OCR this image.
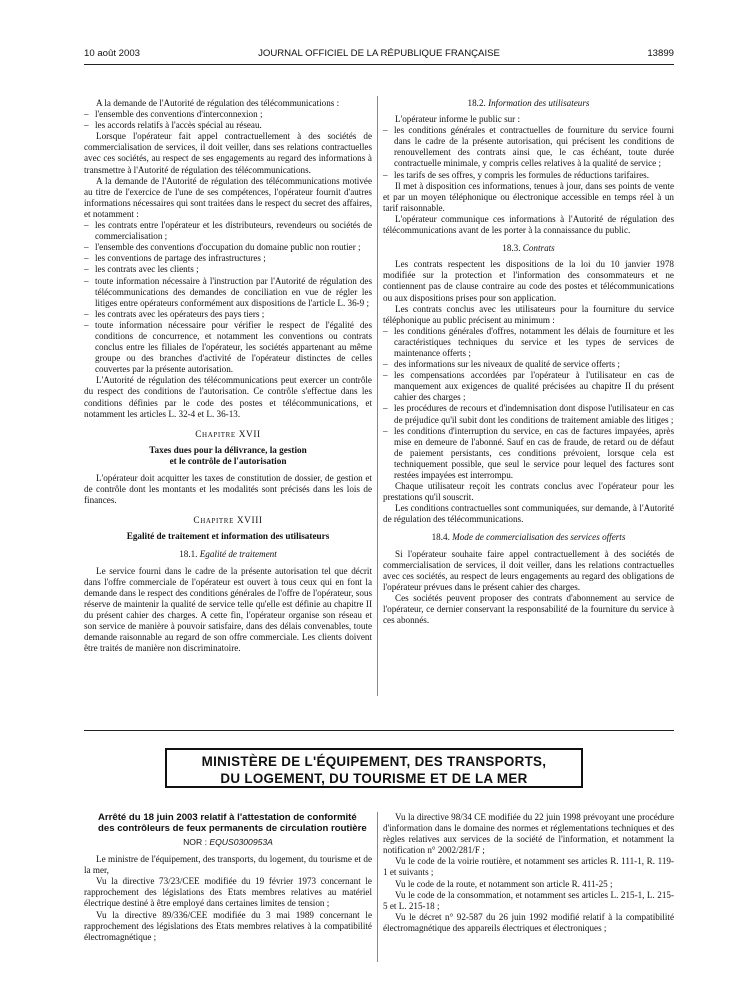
10 août 2003	JOURNAL OFFICIEL DE LA RÉPUBLIQUE FRANÇAISE	13899

A la demande de l'Autorité de régulation des télécommunications :

– l'ensemble des conventions d'interconnexion ;
– les accords relatifs à l'accès spécial au réseau.

Lorsque l'opérateur fait appel contractuellement à des sociétés de commercialisation de services, il doit veiller, dans ses relations contractuelles avec ces sociétés, au respect de ses engagements au regard des informations à transmettre à l'Autorité de régulation des télécommunications.

A la demande de l'Autorité de régulation des télécommunications motivée au titre de l'exercice de l'une de ses compétences, l'opérateur fournit d'autres informations nécessaires qui sont traitées dans le respect du secret des affaires, et notamment :

– les contrats entre l'opérateur et les distributeurs, revendeurs ou sociétés de commercialisation ;
– l'ensemble des conventions d'occupation du domaine public non routier ;
– les conventions de partage des infrastructures ;
– les contrats avec les clients ;
– toute information nécessaire à l'instruction par l'Autorité de régulation des télécommunications des demandes de conciliation en vue de régler les litiges entre opérateurs conformément aux dispositions de l'article L. 36-9 ;
– les contrats avec les opérateurs des pays tiers ;
– toute information nécessaire pour vérifier le respect de l'égalité des conditions de concurrence, et notamment les conventions ou contrats conclus entre les filiales de l'opérateur, les sociétés appartenant au même groupe ou des branches d'activité de l'opérateur distinctes de celles couvertes par la présente autorisation.

L'Autorité de régulation des télécommunications peut exercer un contrôle du respect des conditions de l'autorisation. Ce contrôle s'effectue dans les conditions définies par le code des postes et télécommunications, et notamment les articles L. 32-4 et L. 36-13.

Chapitre XVII
Taxes dues pour la délivrance, la gestion
et le contrôle de l'autorisation

L'opérateur doit acquitter les taxes de constitution de dossier, de gestion et de contrôle dont les montants et les modalités sont précisés dans les lois de finances.

Chapitre XVIII
Egalité de traitement et information des utilisateurs
18.1. Egalité de traitement

Le service fourni dans le cadre de la présente autorisation tel que décrit dans l'offre commerciale de l'opérateur est ouvert à tous ceux qui en font la demande dans le respect des conditions générales de l'offre de l'opérateur, sous réserve de maintenir la qualité de service telle qu'elle est définie au chapitre II du présent cahier des charges. A cette fin, l'opérateur organise son réseau et son service de manière à pouvoir satisfaire, dans des délais convenables, toute demande raisonnable au regard de son offre commerciale. Les clients doivent être traités de manière non discriminatoire.

18.2. Information des utilisateurs

L'opérateur informe le public sur :

– les conditions générales et contractuelles de fourniture du service fourni dans le cadre de la présente autorisation, qui précisent les conditions de renouvellement des contrats ainsi que, le cas échéant, toute durée contractuelle minimale, y compris celles relatives à la qualité de service ;
– les tarifs de ses offres, y compris les formules de réductions tarifaires.

Il met à disposition ces informations, tenues à jour, dans ses points de vente et par un moyen téléphonique ou électronique accessible en temps réel à un tarif raisonnable.

L'opérateur communique ces informations à l'Autorité de régulation des télécommunications avant de les porter à la connaissance du public.

18.3. Contrats

Les contrats respectent les dispositions de la loi du 10 janvier 1978 modifiée sur la protection et l'information des consommateurs et ne contiennent pas de clause contraire au code des postes et télécommunications ou aux dispositions prises pour son application.

Les contrats conclus avec les utilisateurs pour la fourniture du service téléphonique au public précisent au minimum :

– les conditions générales d'offres, notamment les délais de fourniture et les caractéristiques techniques du service et les types de services de maintenance offerts ;
– des informations sur les niveaux de qualité de service offerts ;
– les compensations accordées par l'opérateur à l'utilisateur en cas de manquement aux exigences de qualité précisées au chapitre II du présent cahier des charges ;
– les procédures de recours et d'indemnisation dont dispose l'utilisateur en cas de préjudice qu'il subit dont les conditions de traitement amiable des litiges ;
– les conditions d'interruption du service, en cas de factures impayées, après mise en demeure de l'abonné. Sauf en cas de fraude, de retard ou de défaut de paiement persistants, ces conditions prévoient, lorsque cela est techniquement possible, que seul le service pour lequel des factures sont restées impayées est interrompu.

Chaque utilisateur reçoit les contrats conclus avec l'opérateur pour les prestations qu'il souscrit.

Les conditions contractuelles sont communiquées, sur demande, à l'Autorité de régulation des télécommunications.

18.4. Mode de commercialisation des services offerts

Si l'opérateur souhaite faire appel contractuellement à des sociétés de commercialisation de services, il doit veiller, dans les relations contractuelles avec ces sociétés, au respect de leurs engagements au regard des obligations de l'opérateur prévues dans le présent cahier des charges.

Ces sociétés peuvent proposer des contrats d'abonnement au service de l'opérateur, ce dernier conservant la responsabilité de la fourniture du service à ces abonnés.

MINISTÈRE DE L'ÉQUIPEMENT, DES TRANSPORTS,
DU LOGEMENT, DU TOURISME ET DE LA MER
Arrêté du 18 juin 2003 relatif à l'attestation de conformité des contrôleurs de feux permanents de circulation routière
NOR : EQUS0300953A

Le ministre de l'équipement, des transports, du logement, du tourisme et de la mer,

Vu la directive 73/23/CEE modifiée du 19 février 1973 concernant le rapprochement des législations des Etats membres relatives au matériel électrique destiné à être employé dans certaines limites de tension ;

Vu la directive 89/336/CEE modifiée du 3 mai 1989 concernant le rapprochement des législations des Etats membres relatives à la compatibilité électromagnétique ;

Vu la directive 98/34 CE modifiée du 22 juin 1998 prévoyant une procédure d'information dans le domaine des normes et réglementations techniques et des règles relatives aux services de la société de l'information, et notamment la notification n° 2002/281/F ;

Vu le code de la voirie routière, et notamment ses articles R. 111-1, R. 119-1 et suivants ;

Vu le code de la route, et notamment son article R. 411-25 ;

Vu le code de la consommation, et notamment ses articles L. 215-1, L. 215-5 et L. 215-18 ;

Vu le décret n° 92-587 du 26 juin 1992 modifié relatif à la compatibilité électromagnétique des appareils électriques et électroniques ;
